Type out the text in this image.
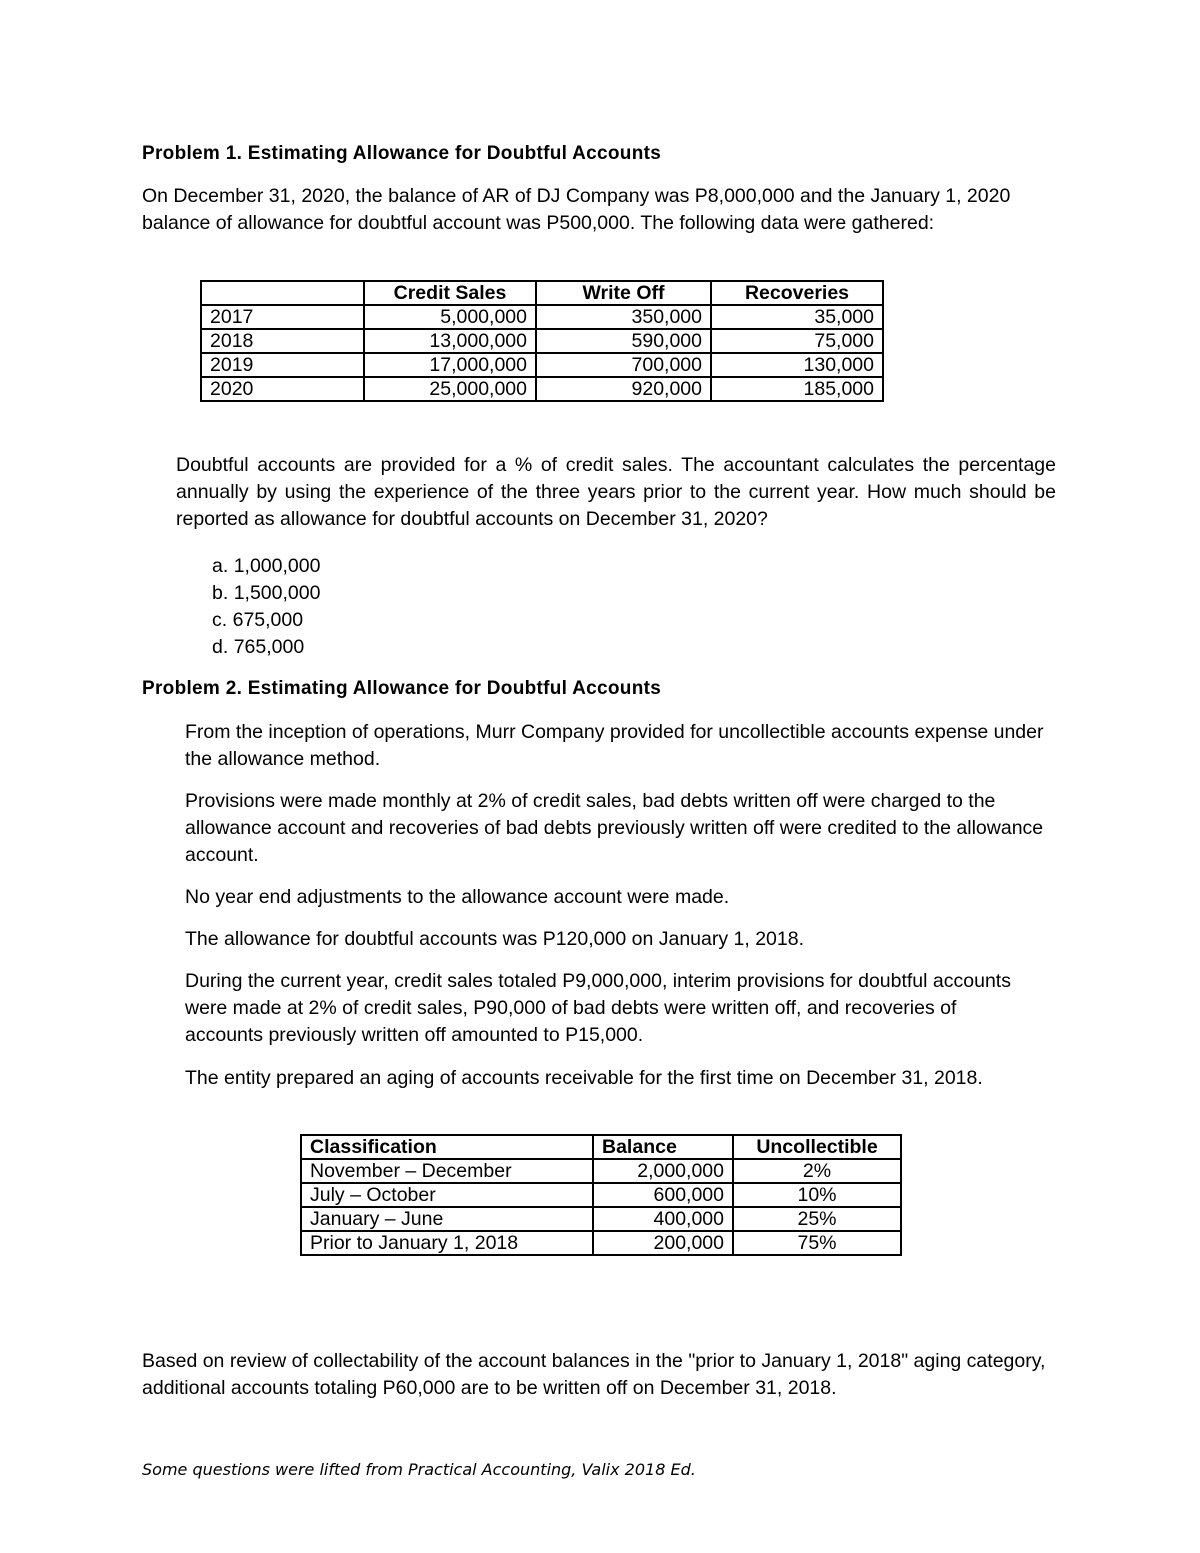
Problem 1. Estimating Allowance for Doubtful Accounts

On December 31, 2020, the balance of AR of DJ Company was P8,000,000 and the January 1, 2020 balance of allowance for doubtful account was P500,000. The following data were gathered:

	Credit Sales	Write Off	Recoveries
2017	5,000,000	350,000	35,000
2018	13,000,000	590,000	75,000
2019	17,000,000	700,000	130,000
2020	25,000,000	920,000	185,000

Doubtful accounts are provided for a % of credit sales. The accountant calculates the percentage annually by using the experience of the three years prior to the current year. How much should be reported as allowance for doubtful accounts on December 31, 2020?

a. 1,000,000
b. 1,500,000
c. 675,000
d. 765,000
Problem 2. Estimating Allowance for Doubtful Accounts

From the inception of operations, Murr Company provided for uncollectible accounts expense under the allowance method.

Provisions were made monthly at 2% of credit sales, bad debts written off were charged to the allowance account and recoveries of bad debts previously written off were credited to the allowance account.

No year end adjustments to the allowance account were made.

The allowance for doubtful accounts was P120,000 on January 1, 2018.

During the current year, credit sales totaled P9,000,000, interim provisions for doubtful accounts were made at 2% of credit sales, P90,000 of bad debts were written off, and recoveries of accounts previously written off amounted to P15,000.

The entity prepared an aging of accounts receivable for the first time on December 31, 2018.

Classification	Balance	Uncollectible
November – December	2,000,000	2%
July – October	600,000	10%
January – June	400,000	25%
Prior to January 1, 2018	200,000	75%

Based on review of collectability of the account balances in the "prior to January 1, 2018" aging category, additional accounts totaling P60,000 are to be written off on December 31, 2018.

Some questions were lifted from Practical Accounting, Valix 2018 Ed.
